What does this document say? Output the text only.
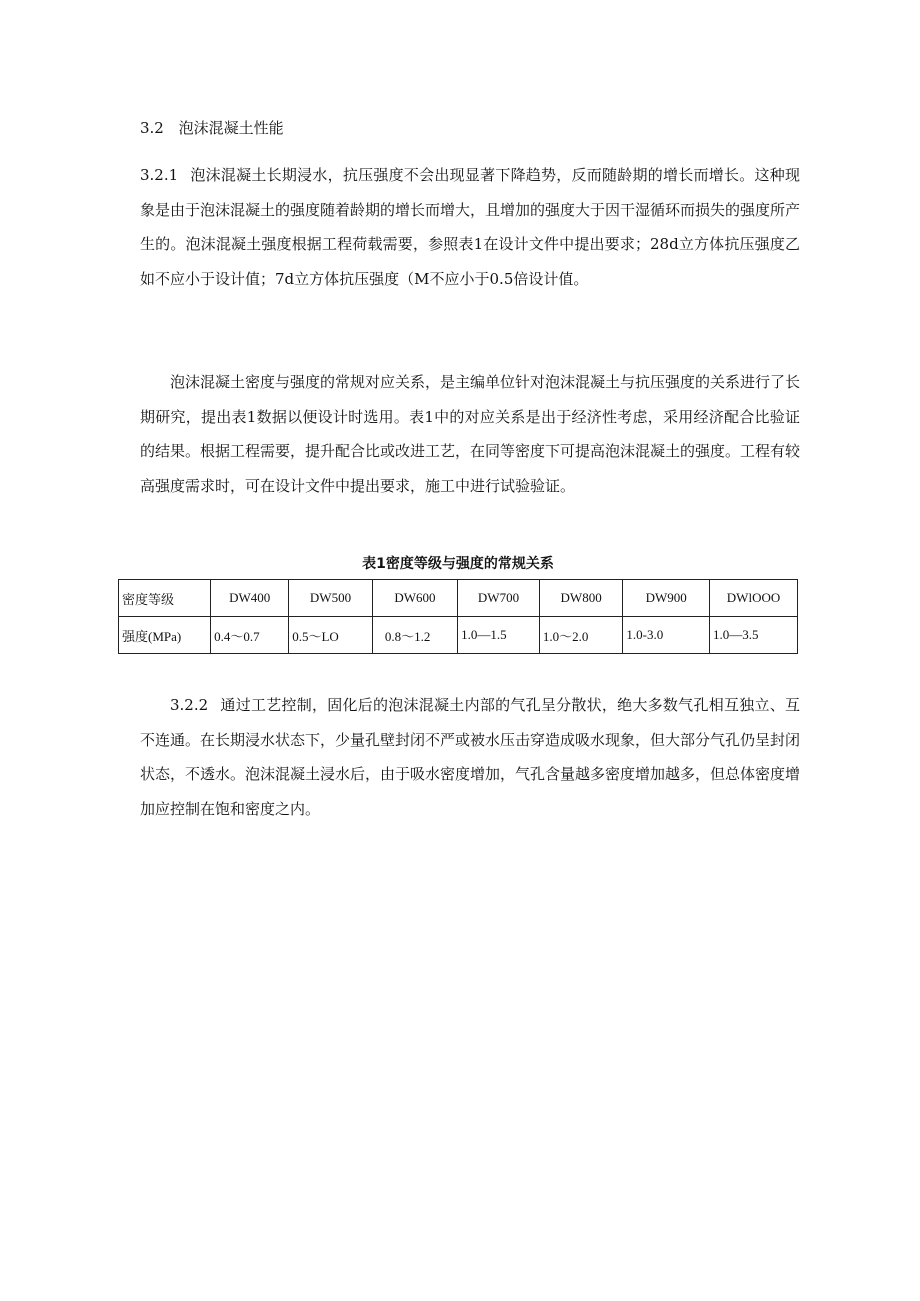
3.2 泡沫混凝土性能

3.2.1 泡沫混凝土长期浸水，抗压强度不会出现显著下降趋势，反而随龄期的增长而增长。这种现象是由于泡沫混凝土的强度随着龄期的增长而增大，且增加的强度大于因干湿循环而损失的强度所产生的。泡沫混凝土强度根据工程荷载需要，参照表1在设计文件中提出要求；28d立方体抗压强度乙如不应小于设计值；7d立方体抗压强度（M不应小于0.5倍设计值。

泡沫混凝土密度与强度的常规对应关系，是主编单位针对泡沫混凝土与抗压强度的关系进行了长期研究，提出表1数据以便设计时选用。表1中的对应关系是出于经济性考虑，采用经济配合比验证的结果。根据工程需要，提升配合比或改进工艺，在同等密度下可提高泡沫混凝土的强度。工程有较高强度需求时，可在设计文件中提出要求，施工中进行试验验证。

表1密度等级与强度的常规关系
密度等级	DW400	DW500	DW600	DW700	DW800	DW900	DWlOOO
强度(MPa)	0.4～0.7	0.5～LO	0.8～1.2	1.0—1.5	1.0～2.0	1.0-3.0	1.0—3.5

3.2.2 通过工艺控制，固化后的泡沫混凝土内部的气孔呈分散状，绝大多数气孔相互独立、互不连通。在长期浸水状态下，少量孔壁封闭不严或被水压击穿造成吸水现象，但大部分气孔仍呈封闭状态，不透水。泡沫混凝土浸水后，由于吸水密度增加，气孔含量越多密度增加越多，但总体密度增加应控制在饱和密度之内。
